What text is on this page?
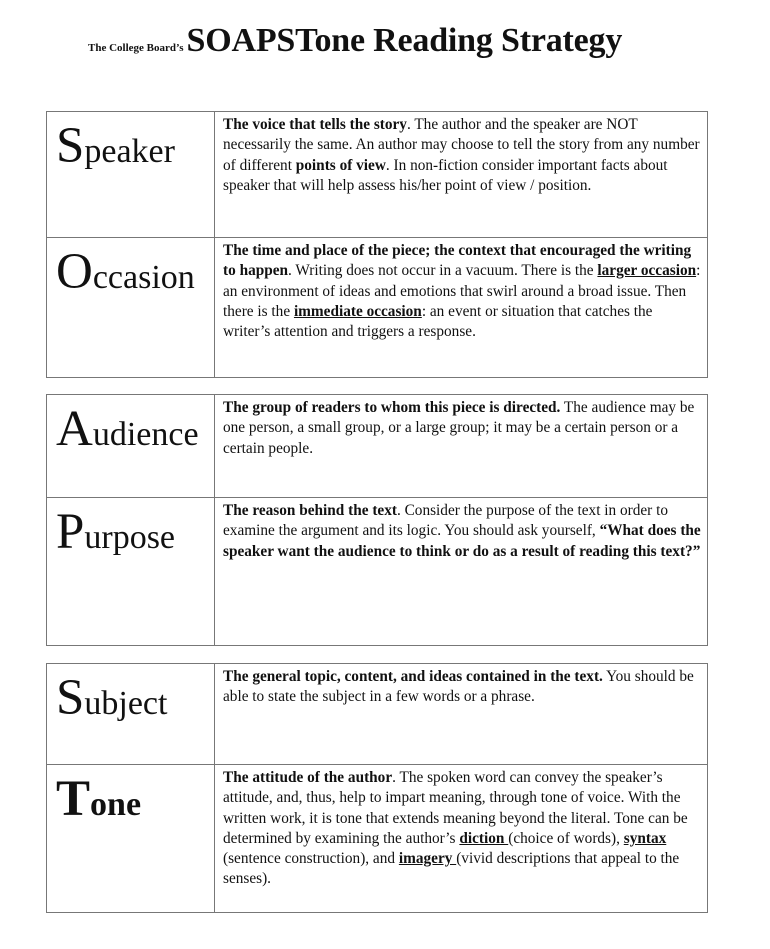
The College Board’sSOAPSTone Reading Strategy
Speaker	The voice that tells the story. The author and the speaker are NOT necessarily the same. An author may choose to tell the story from any number of different points of view. In non-fiction consider important facts about speaker that will help assess his/her point of view / position.

Occasion	The time and place of the piece; the context that encouraged the writing to happen. Writing does not occur in a vacuum. There is the larger occasion: an environment of ideas and emotions that swirl around a broad issue. Then there is the immediate occasion: an event or situation that catches the writer’s attention and triggers a response.
Audience	The group of readers to whom this piece is directed. The audience may be one person, a small group, or a large group; it may be a certain person or a certain people.

Purpose	The reason behind the text. Consider the purpose of the text in order to examine the argument and its logic. You should ask yourself, “What does the speaker want the audience to think or do as a result of reading this text?”
Subject	The general topic, content, and ideas contained in the text. You should be able to state the subject in a few words or a phrase.

Tone	The attitude of the author. The spoken word can convey the speaker’s attitude, and, thus, help to impart meaning, through tone of voice. With the written work, it is tone that extends meaning beyond the literal. Tone can be determined by examining the author’s diction (choice of words), syntax (sentence construction), and imagery (vivid descriptions that appeal to the senses).
